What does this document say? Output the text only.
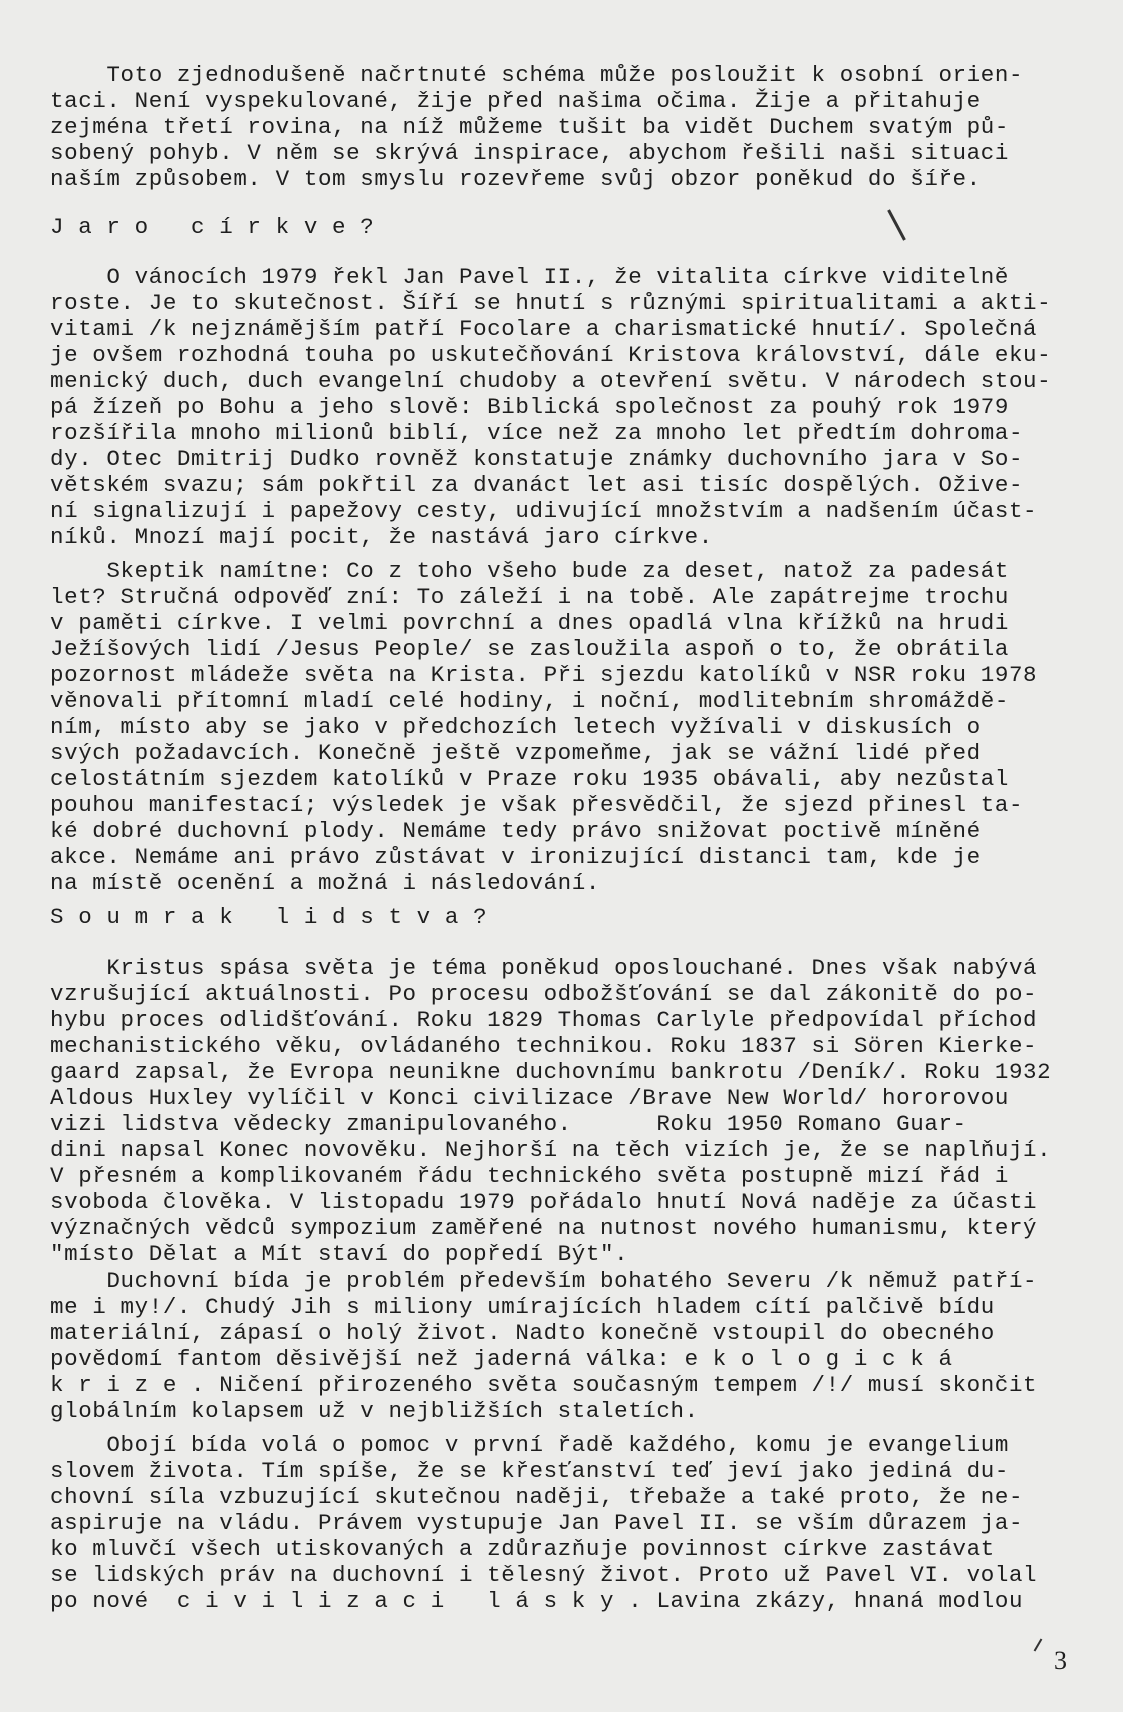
Toto zjednodušeně načrtnuté schéma může posloužit k osobní orien-
taci. Není vyspekulované, žije před našima očima. Žije a přitahuje
zejména třetí rovina, na níž můžeme tušit ba vidět Duchem svatým pů-
sobený pohyb. V něm se skrývá inspirace, abychom řešili naši situaci
naším způsobem. V tom smyslu rozevřeme svůj obzor poněkud do šíře.
J a r o   c í r k v e ?
O vánocích 1979 řekl Jan Pavel II., že vitalita církve viditelně
roste. Je to skutečnost. Šíří se hnutí s různými spiritualitami a akti-
vitami /k nejznámějším patří Focolare a charismatické hnutí/. Společná
je ovšem rozhodná touha po uskutečňování Kristova království, dále eku-
menický duch, duch evangelní chudoby a otevření světu. V národech stou-
pá žízeň po Bohu a jeho slově: Biblická společnost za pouhý rok 1979
rozšířila mnoho milionů biblí, více než za mnoho let předtím dohroma-
dy. Otec Dmitrij Dudko rovněž konstatuje známky duchovního jara v So-
větském svazu; sám pokřtil za dvanáct let asi tisíc dospělých. Ožive-
ní signalizují i papežovy cesty, udivující množstvím a nadšením účast-
níků. Mnozí mají pocit, že nastává jaro církve.
Skeptik namítne: Co z toho všeho bude za deset, natož za padesát
let? Stručná odpověď zní: To záleží i na tobě. Ale zapátrejme trochu
v paměti církve. I velmi povrchní a dnes opadlá vlna křížků na hrudi
Ježíšových lidí /Jesus People/ se zasloužila aspoň o to, že obrátila
pozornost mládeže světa na Krista. Při sjezdu katolíků v NSR roku 1978
věnovali přítomní mladí celé hodiny, i noční, modlitebním shromáždě-
ním, místo aby se jako v předchozích letech vyžívali v diskusích o
svých požadavcích. Konečně ještě vzpomeňme, jak se vážní lidé před
celostátním sjezdem katolíků v Praze roku 1935 obávali, aby nezůstal
pouhou manifestací; výsledek je však přesvědčil, že sjezd přinesl ta-
ké dobré duchovní plody. Nemáme tedy právo snižovat poctivě míněné
akce. Nemáme ani právo zůstávat v ironizující distanci tam, kde je
na místě ocenění a možná i následování.
S o u m r a k   l i d s t v a ?
Kristus spása světa je téma poněkud oposlouchané. Dnes však nabývá
vzrušující aktuálnosti. Po procesu odbožšťování se dal zákonitě do po-
hybu proces odlidšťování. Roku 1829 Thomas Carlyle předpovídal příchod
mechanistického věku, ovládaného technikou. Roku 1837 si Sören Kierke-
gaard zapsal, že Evropa neunikne duchovnímu bankrotu /Deník/. Roku 1932
Aldous Huxley vylíčil v Konci civilizace /Brave New World/ hororovou
vizi lidstva vědecky zmanipulovaného.      Roku 1950 Romano Guar-
dini napsal Konec novověku. Nejhorší na těch vizích je, že se naplňují.
V přesném a komplikovaném řádu technického světa postupně mizí řád i
svoboda člověka. V listopadu 1979 pořádalo hnutí Nová naděje za účasti
význačných vědců sympozium zaměřené na nutnost nového humanismu, který
"místo Dělat a Mít staví do popředí Být".
Duchovní bída je problém především bohatého Severu /k němuž patří-
me i my!/. Chudý Jih s miliony umírajících hladem cítí palčivě bídu
materiální, zápasí o holý život. Nadto konečně vstoupil do obecného
povědomí fantom děsivější než jaderná válka: e k o l o g i c k á
k r i z e . Ničení přirozeného světa současným tempem /!/ musí skončit
globálním kolapsem už v nejbližších staletích.
Obojí bída volá o pomoc v první řadě každého, komu je evangelium
slovem života. Tím spíše, že se křesťanství teď jeví jako jediná du-
chovní síla vzbuzující skutečnou naději, třebaže a také proto, že ne-
aspiruje na vládu. Právem vystupuje Jan Pavel II. se vším důrazem ja-
ko mluvčí všech utiskovaných a zdůrazňuje povinnost církve zastávat
se lidských práv na duchovní i tělesný život. Proto už Pavel VI. volal
po nové  c i v i l i z a c i   l á s k y . Lavina zkázy, hnaná modlou
3
